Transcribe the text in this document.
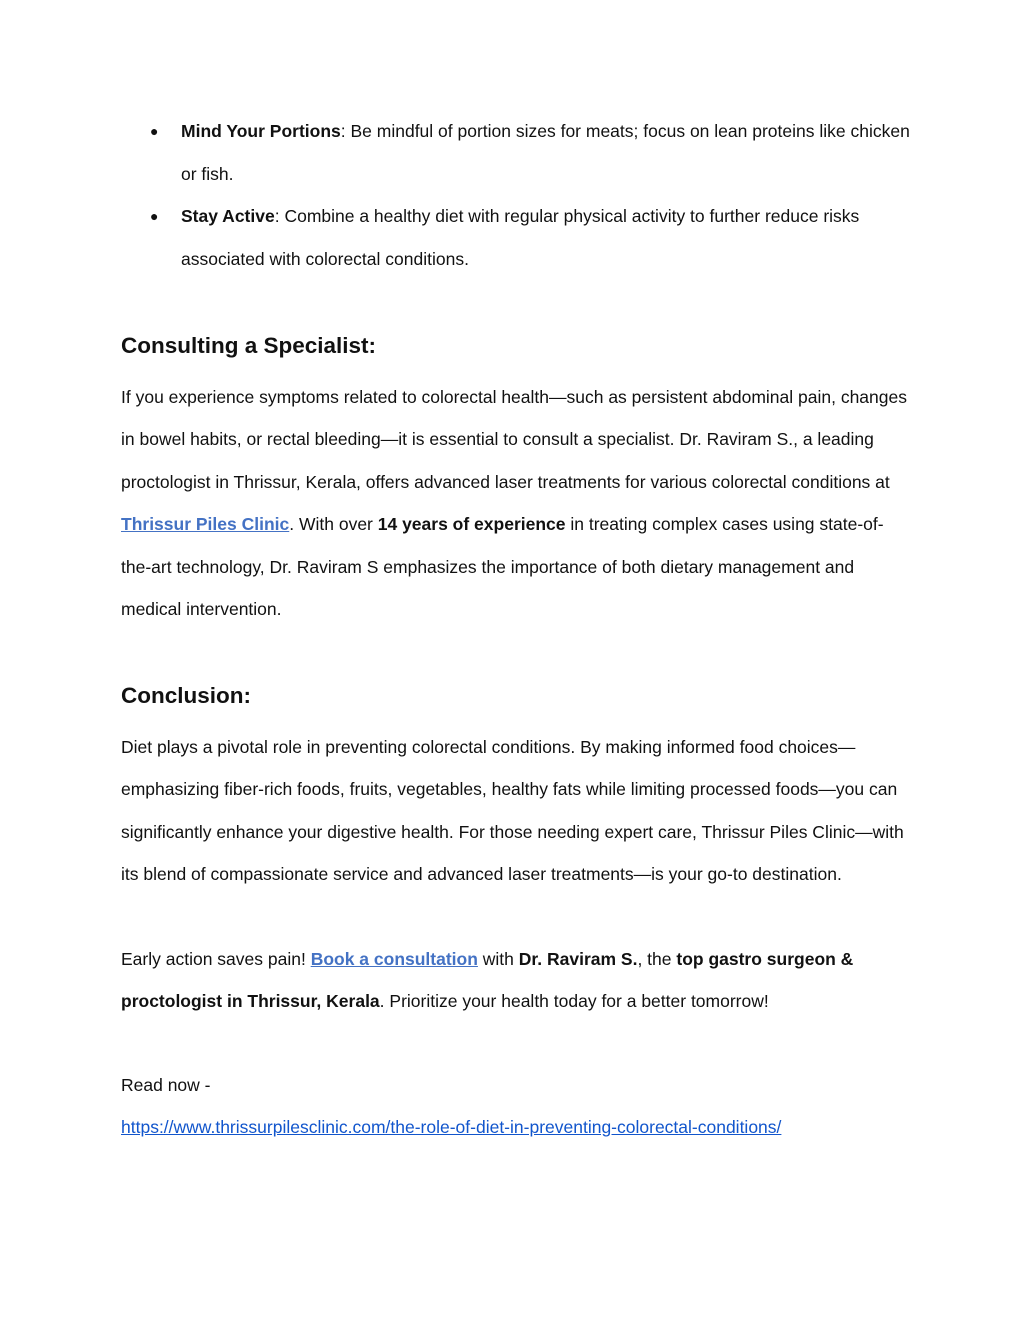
● Mind Your Portions: Be mindful of portion sizes for meats; focus on lean proteins like chicken or fish.
● Stay Active: Combine a healthy diet with regular physical activity to further reduce risks associated with colorectal conditions.
Consulting a Specialist:

If you experience symptoms related to colorectal health—such as persistent abdominal pain, changes in bowel habits, or rectal bleeding—it is essential to consult a specialist. Dr. Raviram S., a leading proctologist in Thrissur, Kerala, offers advanced laser treatments for various colorectal conditions at Thrissur Piles Clinic. With over 14 years of experience in treating complex cases using state-of-the-art technology, Dr. Raviram S emphasizes the importance of both dietary management and medical intervention.

Conclusion:

Diet plays a pivotal role in preventing colorectal conditions. By making informed food choices—emphasizing fiber-rich foods, fruits, vegetables, healthy fats while limiting processed foods—you can significantly enhance your digestive health. For those needing expert care, Thrissur Piles Clinic—with its blend of compassionate service and advanced laser treatments—is your go-to destination.

Early action saves pain! Book a consultation with Dr. Raviram S., the top gastro surgeon & proctologist in Thrissur, Kerala. Prioritize your health today for a better tomorrow!

Read now -

https://www.thrissurpilesclinic.com/the-role-of-diet-in-preventing-colorectal-conditions/
